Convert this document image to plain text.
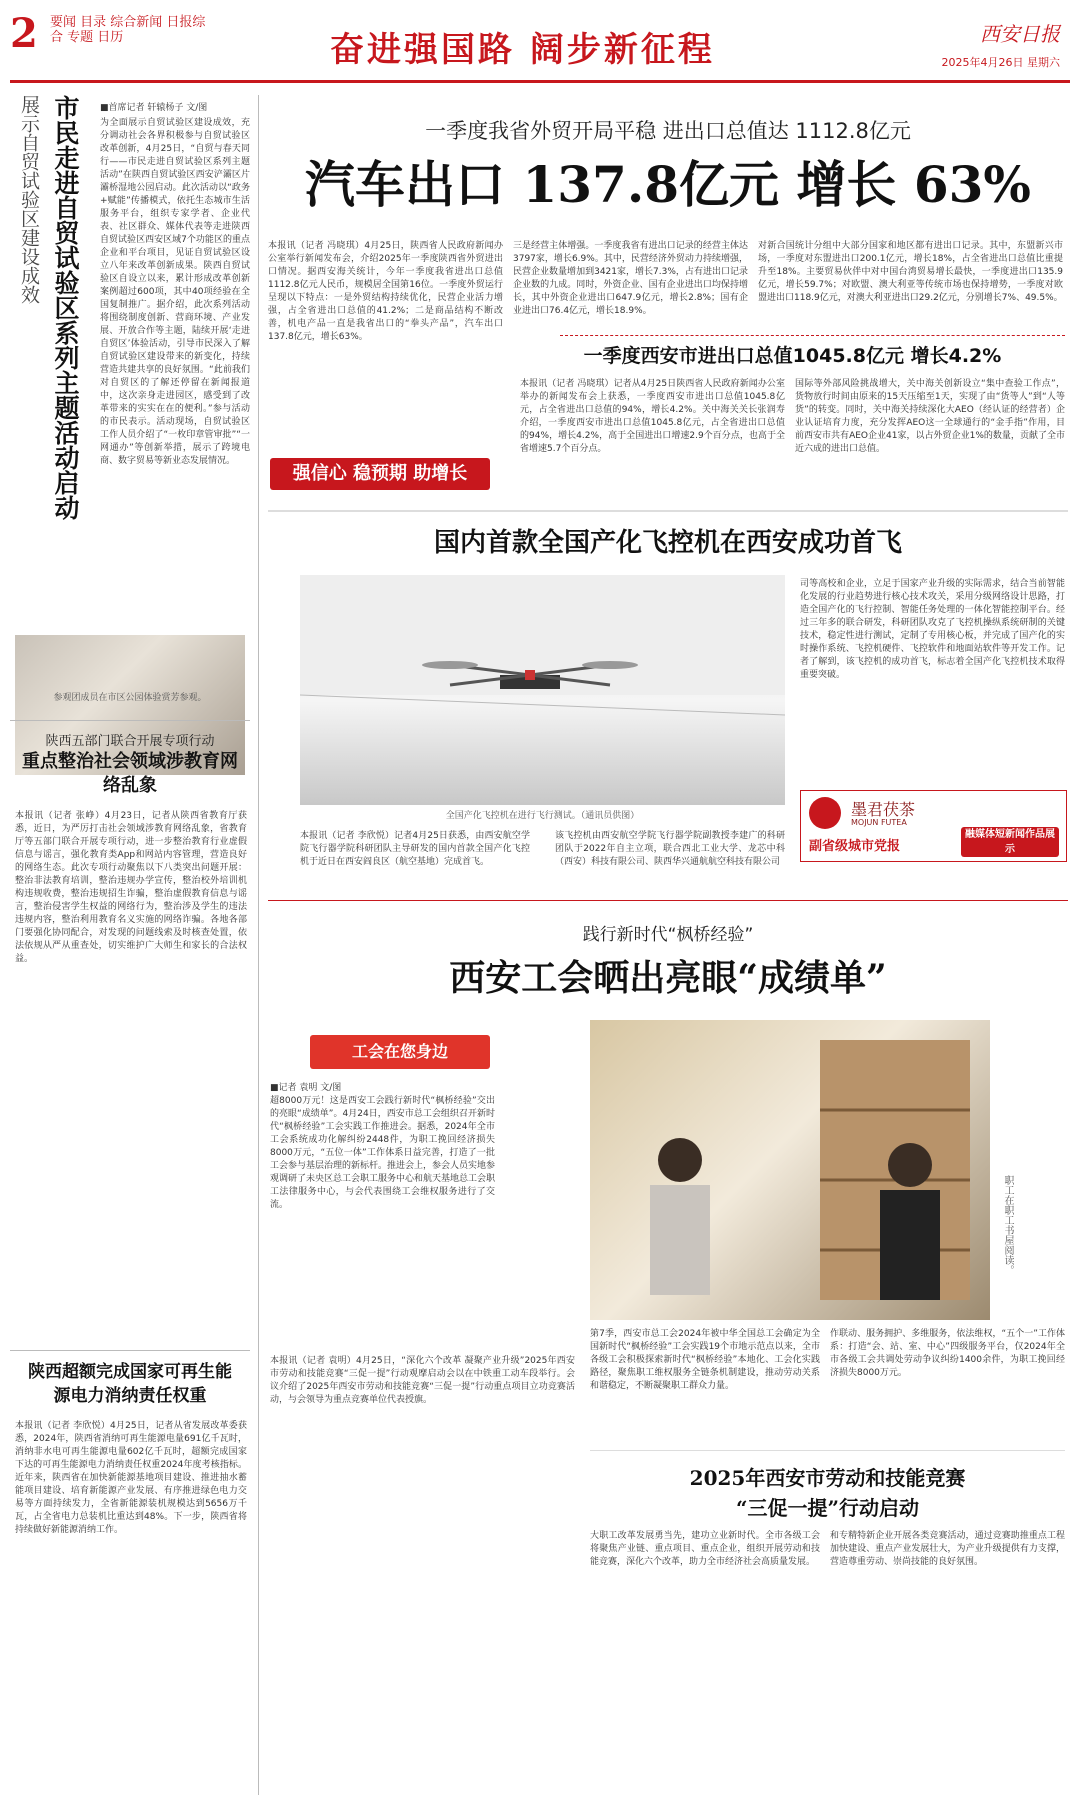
2 要闻 目录 综合新闻 日报综合 专题 日历	奋进强国路 阔步新征程	西安日报
2025年4月26日 星期六
展示自贸试验区建设成效 市民走进自贸试验区系列主题活动启动 ■首席记者 轩辕杨子 文/图
为全面展示自贸试验区建设成效，充分调动社会各界积极参与自贸试验区改革创新，4月25日，“自贸与春天同行——市民走进自贸试验区系列主题活动”在陕西自贸试验区西安浐灞区片灞桥湿地公园启动。此次活动以“政务+赋能”传播模式，依托生态城市生活服务平台，组织专家学者、企业代表、社区群众、媒体代表等走进陕西自贸试验区西安区域7个功能区的重点企业和平台项目，见证自贸试验区设立八年来改革创新成果。陕西自贸试验区自设立以来，累计形成改革创新案例超过600项，其中40项经验在全国复制推广。据介绍，此次系列活动将围绕制度创新、营商环境、产业发展、开放合作等主题，陆续开展‘走进自贸区’体验活动，引导市民深入了解自贸试验区建设带来的新变化，持续营造共建共享的良好氛围。“此前我们对自贸区的了解还停留在新闻报道中，这次亲身走进园区，感受到了改革带来的实实在在的便利。”参与活动的市民表示。活动现场，自贸试验区工作人员介绍了“一枚印章管审批”“一网通办”等创新举措，展示了跨境电商、数字贸易等新业态发展情况。
参观团成员在市区公园体验赏芳参观。
陕西五部门联合开展专项行动
重点整治社会领域涉教育网络乱象
本报讯（记者 张峥）4月23日，记者从陕西省教育厅获悉，近日，为严厉打击社会领域涉教育网络乱象，省教育厅等五部门联合开展专项行动，进一步整治教育行业虚假信息与谣言，强化教育类App和网站内容管理，营造良好的网络生态。此次专项行动聚焦以下八类突出问题开展：整治非法教育培训，整治违规办学宣传，整治校外培训机构违规收费，整治违规招生诈骗，整治虚假教育信息与谣言，整治侵害学生权益的网络行为，整治涉及学生的违法违规内容，整治利用教育名义实施的网络诈骗。各地各部门要强化协同配合，对发现的问题线索及时核查处置，依法依规从严从重查处，切实维护广大师生和家长的合法权益。
陕西超额完成国家可再生能源电力消纳责任权重
本报讯（记者 李欣悦）4月25日，记者从省发展改革委获悉，2024年，陕西省消纳可再生能源电量691亿千瓦时，消纳非水电可再生能源电量602亿千瓦时，超额完成国家下达的可再生能源电力消纳责任权重2024年度考核指标。近年来，陕西省在加快新能源基地项目建设、推进抽水蓄能项目建设、培育新能源产业发展、有序推进绿色电力交易等方面持续发力，全省新能源装机规模达到5656万千瓦，占全省电力总装机比重达到48%。下一步，陕西省将持续做好新能源消纳工作。
一季度我省外贸开局平稳 进出口总值达 1112.8亿元
汽车出口 137.8亿元 增长 63%
本报讯（记者 冯晓琪）4月25日，陕西省人民政府新闻办公室举行新闻发布会，介绍2025年一季度陕西省外贸进出口情况。据西安海关统计，今年一季度我省进出口总值1112.8亿元人民币，规模居全国第16位。一季度外贸运行呈现以下特点：一是外贸结构持续优化，民营企业活力增强，占全省进出口总值的41.2%；二是商品结构不断改善，机电产品一直是我省出口的“拳头产品”，汽车出口137.8亿元，增长63%。
三是经营主体增强。一季度我省有进出口记录的经营主体达3797家，增长6.9%。其中，民营经济外贸动力持续增强，民营企业数量增加到3421家，增长7.3%，占有进出口记录企业数的九成。同时，外资企业、国有企业进出口均保持增长，其中外资企业进出口647.9亿元，增长2.8%；国有企业进出口76.4亿元，增长18.9%。
对新合国统计分组中大部分国家和地区都有进出口记录。其中，东盟新兴市场，一季度对东盟进出口200.1亿元，增长18%，占全省进出口总值比重提升至18%。主要贸易伙伴中对中国台湾贸易增长最快，一季度进出口135.9亿元，增长59.7%；对欧盟、澳大利亚等传统市场也保持增势，一季度对欧盟进出口118.9亿元，对澳大利亚进出口29.2亿元，分别增长7%、49.5%。
强信心 稳预期 助增长
一季度西安市进出口总值1045.8亿元 增长4.2%
本报讯（记者 冯晓琪）记者从4月25日陕西省人民政府新闻办公室举办的新闻发布会上获悉，一季度西安市进出口总值1045.8亿元，占全省进出口总值的94%，增长4.2%。关中海关关长张润寿介绍，一季度西安市进出口总值1045.8亿元，占全省进出口总值的94%，增长4.2%，高于全国进出口增速2.9个百分点，也高于全省增速5.7个百分点。
国际等外部风险挑战增大，关中海关创新设立“集中查验工作点”，货物放行时间由原来的15天压缩至1天，实现了由“货等人”到“人等货”的转变。同时，关中海关持续深化大AEO（经认证的经营者）企业认证培育力度，充分发挥AEO这一全球通行的“金手指”作用，目前西安市共有AEO企业41家，以占外贸企业1%的数量，贡献了全市近六成的进出口总值。
国内首款全国产化飞控机在西安成功首飞
全国产化飞控机在进行飞行测试。（通讯员供图）
本报讯（记者 李欣悦）记者4月25日获悉，由西安航空学院飞行器学院科研团队主导研发的国内首款全国产化飞控机于近日在西安阎良区（航空基地）完成首飞。
该飞控机由西安航空学院飞行器学院副教授李建广的科研团队于2022年自主立项，联合西北工业大学、龙芯中科（西安）科技有限公司、陕西华兴通航航空科技有限公司
司等高校和企业，立足于国家产业升级的实际需求，结合当前智能化发展的行业趋势进行核心技术攻关，采用分级网络设计思路，打造全国产化的飞行控制、智能任务处理的一体化智能控制平台。经过三年多的联合研发，科研团队攻克了飞控机操纵系统研制的关键技术，稳定性进行测试，定制了专用核心板，并完成了国产化的实时操作系统、飞控机硬件、飞控软件和地面站软件等开发工作。记者了解到，该飞控机的成功首飞，标志着全国产化飞控机技术取得重要突破。
墨君茯茶
MOJUN FUTEA
副省级城市党报
融媒体短新闻作品展示
践行新时代“枫桥经验”
西安工会晒出亮眼“成绩单”
工会在您身边
■记者 袁明 文/图
超8000万元！这是西安工会践行新时代“枫桥经验”交出的亮眼“成绩单”。4月24日，西安市总工会组织召开新时代“枫桥经验”工会实践工作推进会。据悉，2024年全市工会系统成功化解纠纷2448件，为职工挽回经济损失8000万元，“五位一体”工作体系日益完善，打造了一批工会参与基层治理的新标杆。推进会上，参会人员实地参观调研了未央区总工会职工服务中心和航天基地总工会职工法律服务中心，与会代表围绕工会维权服务进行了交流。	职工在职工书屋阅读。
第7季，西安市总工会2024年被中华全国总工会确定为全国新时代“枫桥经验”工会实践19个市地示范点以来，全市各级工会积极探索新时代“枫桥经验”本地化、工会化实践路径，聚焦职工维权服务全链条机制建设，推动劳动关系和谐稳定，不断凝聚职工群众力量。
作联动、服务拥护、多维服务，依法维权，“五个一”工作体系：打造“会、站、室、中心”四级服务平台，仅2024年全市各级工会共调处劳动争议纠纷1400余件，为职工挽回经济损失8000万元。
本报讯（记者 袁明）4月25日，“深化六个改革 凝聚产业升级”2025年西安市劳动和技能竞赛“三促一提”行动观摩启动会以在中铁重工动车段举行。会议介绍了2025年西安市劳动和技能竞赛“三促一提”行动重点项目立功竞赛活动，与会领导为重点竞赛单位代表授旗。
2025年西安市劳动和技能竞赛
“三促一提”行动启动
大职工改革发展勇当先，建功立业新时代。全市各级工会将聚焦产业链、重点项目、重点企业，组织开展劳动和技能竞赛，深化六个改革，助力全市经济社会高质量发展。
和专精特新企业开展各类竞赛活动，通过竞赛助推重点工程加快建设、重点产业发展壮大，为产业升级提供有力支撑，营造尊重劳动、崇尚技能的良好氛围。
